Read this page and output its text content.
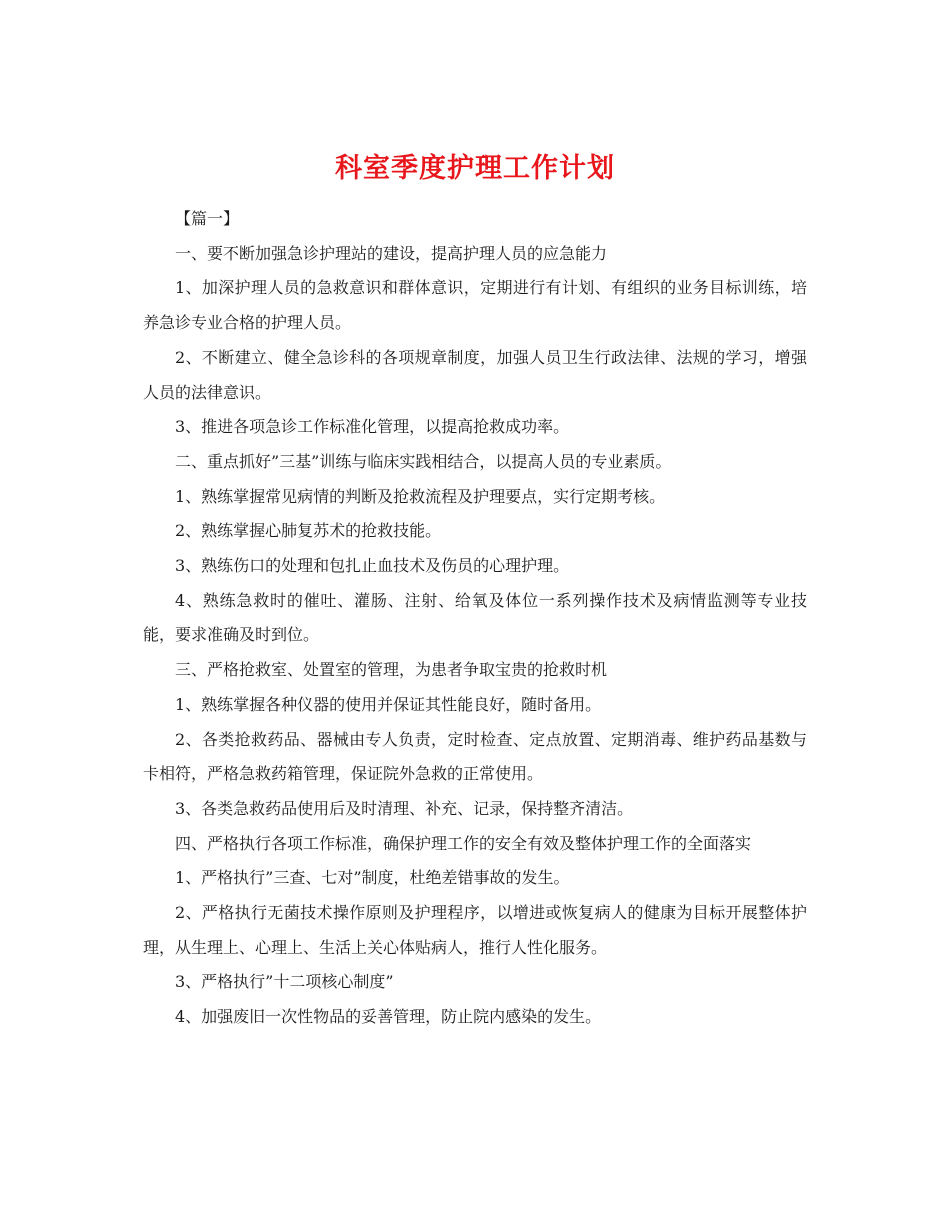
科室季度护理工作计划

【篇一】

一、要不断加强急诊护理站的建设，提高护理人员的应急能力

1、加深护理人员的急救意识和群体意识，定期进行有计划、有组织的业务目标训练，培养急诊专业合格的护理人员。

2、不断建立、健全急诊科的各项规章制度，加强人员卫生行政法律、法规的学习，增强人员的法律意识。

3、推进各项急诊工作标准化管理，以提高抢救成功率。

二、重点抓好”三基”训练与临床实践相结合，以提高人员的专业素质。

1、熟练掌握常见病情的判断及抢救流程及护理要点，实行定期考核。

2、熟练掌握心肺复苏术的抢救技能。

3、熟练伤口的处理和包扎止血技术及伤员的心理护理。

4、熟练急救时的催吐、灌肠、注射、给氧及体位一系列操作技术及病情监测等专业技能，要求准确及时到位。

三、严格抢救室、处置室的管理，为患者争取宝贵的抢救时机

1、熟练掌握各种仪器的使用并保证其性能良好，随时备用。

2、各类抢救药品、器械由专人负责，定时检查、定点放置、定期消毒、维护药品基数与卡相符，严格急救药箱管理，保证院外急救的正常使用。

3、各类急救药品使用后及时清理、补充、记录，保持整齐清洁。

四、严格执行各项工作标准，确保护理工作的安全有效及整体护理工作的全面落实

1、严格执行”三查、七对”制度，杜绝差错事故的发生。

2、严格执行无菌技术操作原则及护理程序，以增进或恢复病人的健康为目标开展整体护理，从生理上、心理上、生活上关心体贴病人，推行人性化服务。

3、严格执行”十二项核心制度”

4、加强废旧一次性物品的妥善管理，防止院内感染的发生。
